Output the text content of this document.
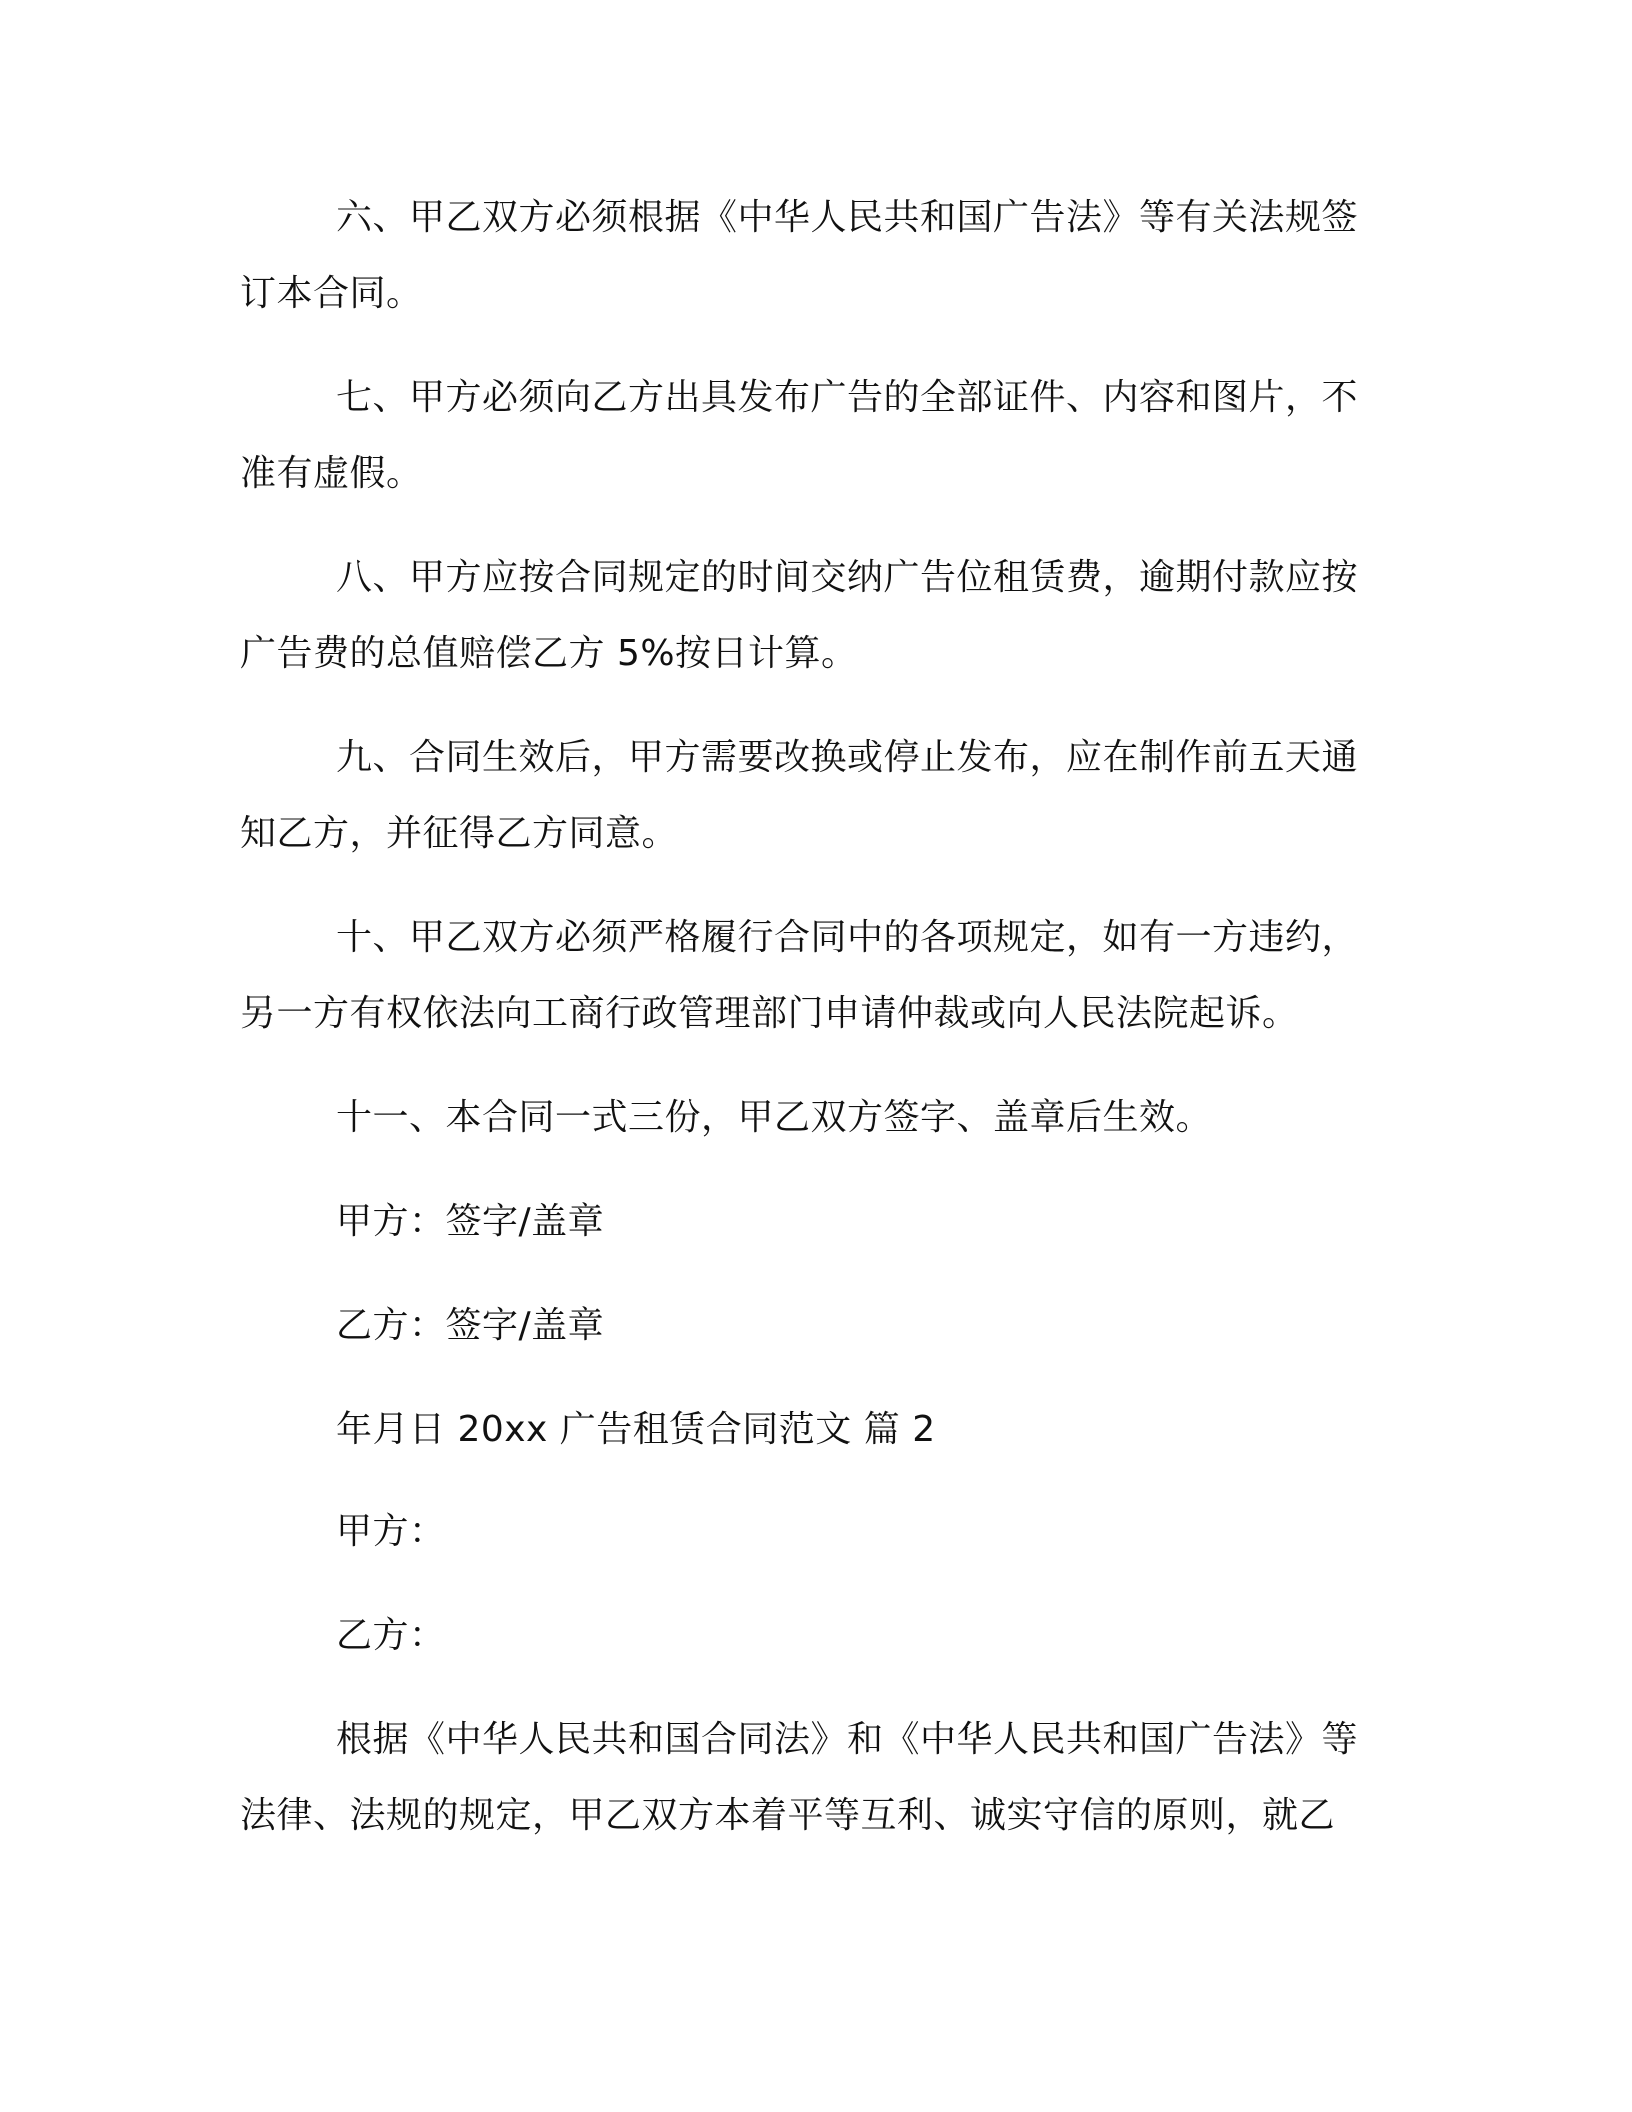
六、甲乙双方必须根据《中华人民共和国广告法》等有关法规签
订本合同。
七、甲方必须向乙方出具发布广告的全部证件、内容和图片，不
准有虚假。
八、甲方应按合同规定的时间交纳广告位租赁费，逾期付款应按
广告费的总值赔偿乙方 5%按日计算。
九、合同生效后，甲方需要改换或停止发布，应在制作前五天通
知乙方，并征得乙方同意。
十、甲乙双方必须严格履行合同中的各项规定，如有一方违约，
另一方有权依法向工商行政管理部门申请仲裁或向人民法院起诉。
十一、本合同一式三份，甲乙双方签字、盖章后生效。
甲方：签字/盖章
乙方：签字/盖章
年月日 20xx 广告租赁合同范文 篇 2
甲方：
乙方：
根据《中华人民共和国合同法》和《中华人民共和国广告法》等
法律、法规的规定，甲乙双方本着平等互利、诚实守信的原则，就乙
